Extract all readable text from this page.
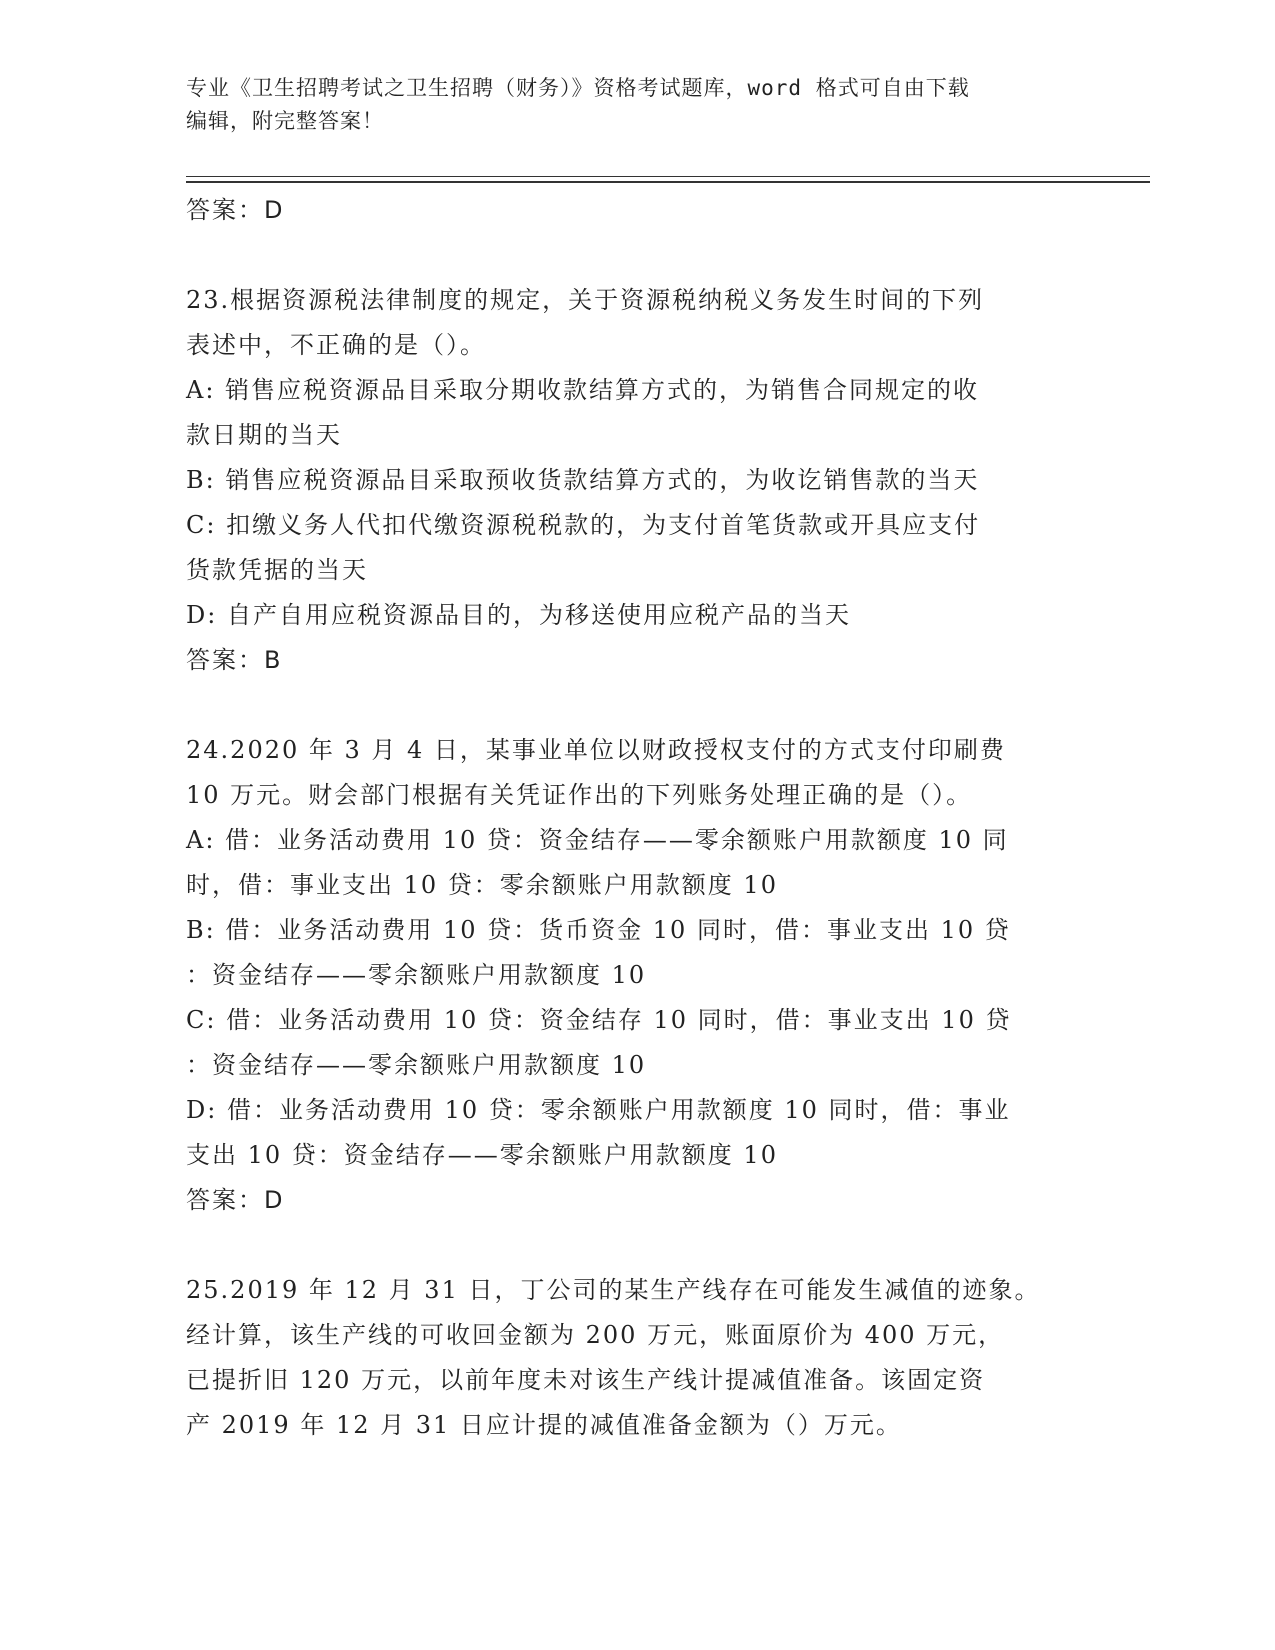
专业《卫生招聘考试之卫生招聘（财务）》资格考试题库，word 格式可自由下载
编辑，附完整答案！
答案：D
23.根据资源税法律制度的规定，关于资源税纳税义务发生时间的下列
表述中，不正确的是（）。
A: 销售应税资源品目采取分期收款结算方式的，为销售合同规定的收
款日期的当天
B: 销售应税资源品目采取预收货款结算方式的，为收讫销售款的当天
C: 扣缴义务人代扣代缴资源税税款的，为支付首笔货款或开具应支付
货款凭据的当天
D: 自产自用应税资源品目的，为移送使用应税产品的当天
答案：B
24.2020 年 3 月 4 日，某事业单位以财政授权支付的方式支付印刷费
10 万元。财会部门根据有关凭证作出的下列账务处理正确的是（）。
A: 借：业务活动费用 10 贷：资金结存——零余额账户用款额度 10 同
时，借：事业支出 10 贷：零余额账户用款额度 10
B: 借：业务活动费用 10 贷：货币资金 10 同时，借：事业支出 10 贷
：资金结存——零余额账户用款额度 10
C: 借：业务活动费用 10 贷：资金结存 10 同时，借：事业支出 10 贷
：资金结存——零余额账户用款额度 10
D: 借：业务活动费用 10 贷：零余额账户用款额度 10 同时，借：事业
支出 10 贷：资金结存——零余额账户用款额度 10
答案：D
25.2019 年 12 月 31 日，丁公司的某生产线存在可能发生减值的迹象。
经计算，该生产线的可收回金额为 200 万元，账面原价为 400 万元，
已提折旧 120 万元，以前年度未对该生产线计提减值准备。该固定资
产 2019 年 12 月 31 日应计提的减值准备金额为（）万元。
